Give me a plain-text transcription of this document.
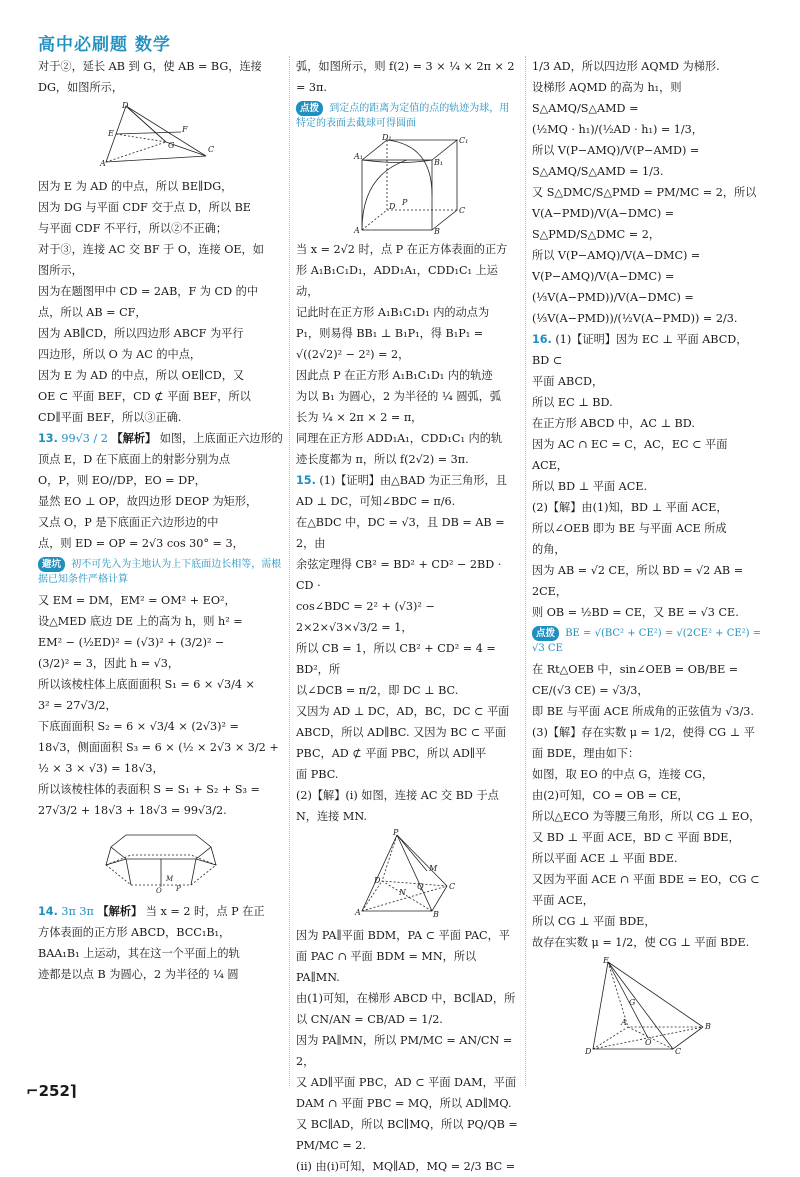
高中必刷题 数学

对于②，延长 AB 到 G，使 AB = BG，连接

DG，如图所示，

D
E
A
G	C
F

因为 E 为 AD 的中点，所以 BE∥DG，

因为 DG 与平面 CDF 交于点 D，所以 BE

与平面 CDF 不平行，所以②不正确；

对于③，连接 AC 交 BF 于 O，连接 OE，如

图所示，

因为在题图甲中 CD = 2AB，F 为 CD 的中

点，所以 AB = CF，

因为 AB∥CD，所以四边形 ABCF 为平行

四边形，所以 O 为 AC 的中点，

因为 E 为 AD 的中点，所以 OE∥CD，又

OE ⊂ 平面 BEF，CD ⊄ 平面 BEF，所以

CD∥平面 BEF，所以③正确.

13. 99√3 / 2 【解析】 如图，上底面正六边形的

顶点 E，D 在下底面上的射影分别为点

O，P，则 EO//DP，EO = DP，

显然 EO ⊥ OP，故四边形 DEOP 为矩形，

又点 O，P 是下底面正六边形边的中

点，则 ED = OP = 2√3 cos 30° = 3，

避坑 初不可先入为主地认为上下底面边长相等，需根据已知条件严格计算

又 EM = DM，EM² = OM² + EO²，

设△MED 底边 DE 上的高为 h，则 h² =

EM² − (½ED)² = (√3)² + (3/2)² −

(3/2)² = 3，因此 h = √3，

所以该棱柱体上底面面积 S₁ = 6 × √3/4 ×

3² = 27√3/2，

下底面面积 S₂ = 6 × √3/4 × (2√3)² =

18√3，侧面面积 S₃ = 6 × (½ × 2√3 × 3/2 +

½ × 3 × √3) = 18√3，

所以该棱柱体的表面积 S = S₁ + S₂ + S₃ =

27√3/2 + 18√3 + 18√3 = 99√3/2.

O
M
P

14. 3π 3π 【解析】 当 x = 2 时，点 P 在正

方体表面的正方形 ABCD，BCC₁B₁，

BAA₁B₁ 上运动，其在这一个平面上的轨

迹都是以点 B 为圆心，2 为半径的 ¼ 圆

弧，如图所示，则 f(2) = 3 × ¼ × 2π × 2 = 3π.

点拨 到定点的距离为定值的点的轨迹为球，用特定的表面去截球可得圆面
A₁
D₁	C₁
B₁
A	B
C
D P

当 x = 2√2 时，点 P 在正方体表面的正方

形 A₁B₁C₁D₁，ADD₁A₁，CDD₁C₁ 上运动，

记此时在正方形 A₁B₁C₁D₁ 内的动点为

P₁，则易得 BB₁ ⊥ B₁P₁，得 B₁P₁ =

√((2√2)² − 2²) = 2，

因此点 P 在正方形 A₁B₁C₁D₁ 内的轨迹

为以 B₁ 为圆心，2 为半径的 ¼ 圆弧，弧

长为 ¼ × 2π × 2 = π，

同理在正方形 ADD₁A₁，CDD₁C₁ 内的轨

迹长度都为 π，所以 f(2√2) = 3π.

15. (1)【证明】由△BAD 为正三角形，且

AD ⊥ DC，可知∠BDC = π/6.

在△BDC 中，DC = √3，且 DB = AB = 2，由

余弦定理得 CB² = BD² + CD² − 2BD · CD ·

cos∠BDC = 2² + (√3)² − 2×2×√3×√3/2 = 1，

所以 CB = 1，所以 CB² + CD² = 4 = BD²，所

以∠DCB = π/2，即 DC ⊥ BC.

又因为 AD ⊥ DC，AD，BC，DC ⊂ 平面

ABCD，所以 AD∥BC. 又因为 BC ⊂ 平面

PBC，AD ⊄ 平面 PBC，所以 AD∥平

面 PBC.

(2)【解】(i) 如图，连接 AC 交 BD 于点

N，连接 MN.

P
A	B
C
D
M
Q
N

因为 PA∥平面 BDM，PA ⊂ 平面 PAC，平

面 PAC ∩ 平面 BDM = MN，所以 PA∥MN.

由(1)可知，在梯形 ABCD 中，BC∥AD，所

以 CN/AN = CB/AD = 1/2.

因为 PA∥MN，所以 PM/MC = AN/CN = 2，

又 AD∥平面 PBC，AD ⊂ 平面 DAM，平面

DAM ∩ 平面 PBC = MQ，所以 AD∥MQ.

又 BC∥AD，所以 BC∥MQ，所以 PQ/QB =

PM/MC = 2.

(ii) 由(i)可知，MQ∥AD，MQ = 2/3 BC =

1/3 AD，所以四边形 AQMD 为梯形.

设梯形 AQMD 的高为 h₁，则 S△AMQ/S△AMD =

(½MQ · h₁)/(½AD · h₁) = 1/3，

所以 V(P−AMQ)/V(P−AMD) = S△AMQ/S△AMD = 1/3.

又 S△DMC/S△PMD = PM/MC = 2，所以 V(A−PMD)/V(A−DMC) = S△PMD/S△DMC = 2，

所以 V(P−AMQ)/V(A−DMC) = V(P−AMQ)/V(A−DMC) = (⅓V(A−PMD))/V(A−DMC) =

(⅓V(A−PMD))/(½V(A−PMD)) = 2/3.

16. (1)【证明】因为 EC ⊥ 平面 ABCD，BD ⊂

平面 ABCD，

所以 EC ⊥ BD.

在正方形 ABCD 中，AC ⊥ BD.

因为 AC ∩ EC = C，AC，EC ⊂ 平面 ACE，

所以 BD ⊥ 平面 ACE.

(2)【解】由(1)知，BD ⊥ 平面 ACE，

所以∠OEB 即为 BE 与平面 ACE 所成

的角，

因为 AB = √2 CE，所以 BD = √2 AB = 2CE，

则 OB = ½BD = CE，又 BE = √3 CE.

点拨 BE = √(BC² + CE²) = √(2CE² + CE²) = √3 CE

在 Rt△OEB 中，sin∠OEB = OB/BE =

CE/(√3 CE) = √3/3，

即 BE 与平面 ACE 所成角的正弦值为 √3/3.

(3)【解】存在实数 μ = 1/2，使得 CG ⊥ 平

面 BDE，理由如下：

如图，取 EO 的中点 G，连接 CG，

由(2)可知，CO = OB = CE，

所以△ECO 为等腰三角形，所以 CG ⊥ EO，

又 BD ⊥ 平面 ACE，BD ⊂ 平面 BDE，

所以平面 ACE ⊥ 平面 BDE.

又因为平面 ACE ∩ 平面 BDE = EO，CG ⊂

平面 ACE，

所以 CG ⊥ 平面 BDE，

故存在实数 μ = 1/2，使 CG ⊥ 平面 BDE.

E
D	C
B
A
O
G
⌐252⌉
